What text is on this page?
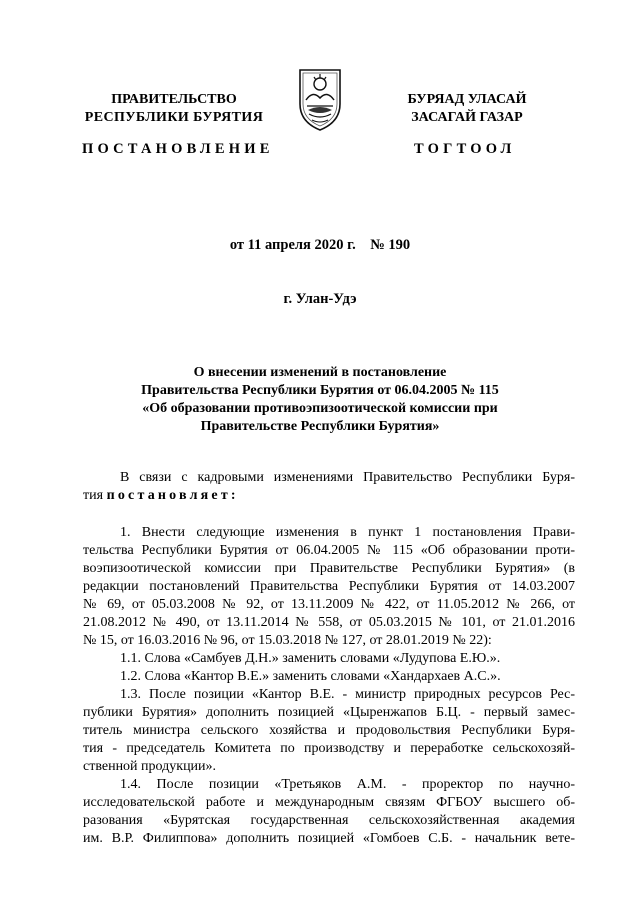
ПРАВИТЕЛЬСТВО
РЕСПУБЛИКИ БУРЯТИЯ
БУРЯАД УЛАСАЙ
ЗАСАГАЙ ГАЗАР
ПОСТАНОВЛЕНИЕ	ТОГТООЛ
от 11 апреля 2020 г.    № 190
г. Улан-Удэ
О внесении изменений в постановление
Правительства Республики Бурятия от 06.04.2005 № 115
«Об образовании противоэпизоотической комиссии при
Правительстве Республики Бурятия»
В связи с кадровыми изменениями Правительство Республики Буря-
тия постановляет:
1. Внести следующие изменения в пункт 1 постановления Прави-
тельства Республики Бурятия от 06.04.2005 № 115 «Об образовании проти-
воэпизоотической комиссии при Правительстве Республики Бурятия» (в
редакции постановлений Правительства Республики Бурятия от 14.03.2007
№ 69, от 05.03.2008 № 92, от 13.11.2009 № 422, от 11.05.2012 № 266, от
21.08.2012 № 490, от 13.11.2014 № 558, от 05.03.2015 № 101, от 21.01.2016
№ 15, от 16.03.2016 № 96, от 15.03.2018 № 127, от 28.01.2019 № 22):
1.1. Слова «Самбуев Д.Н.» заменить словами «Лудупова Е.Ю.».
1.2. Слова «Кантор В.Е.» заменить словами «Хандархаев А.С.».
1.3. После позиции «Кантор В.Е. - министр природных ресурсов Рес-
публики Бурятия» дополнить позицией «Цыренжапов Б.Ц. - первый замес-
титель министра сельского хозяйства и продовольствия Республики Буря-
тия - председатель Комитета по производству и переработке сельскохозяй-
ственной продукции».
1.4. После позиции «Третьяков А.М. - проректор по научно-
исследовательской работе и международным связям ФГБОУ высшего об-
разования «Бурятская государственная сельскохозяйственная академия
им. В.Р. Филиппова» дополнить позицией «Гомбоев С.Б. - начальник вете-
